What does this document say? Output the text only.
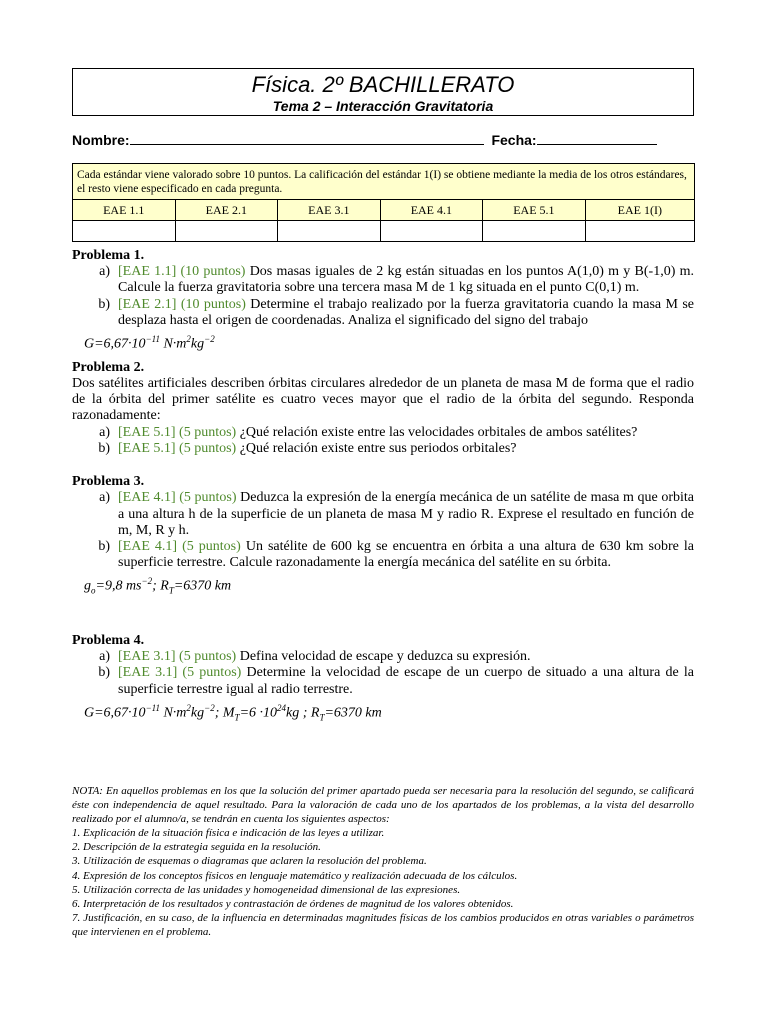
Física. 2º BACHILLERATO
Tema 2 – Interacción Gravitatoria
Nombre:	Fecha:
Cada estándar viene valorado sobre 10 puntos. La calificación del estándar 1(I) se obtiene mediante la media de los otros estándares, el resto viene especificado en cada pregunta.					
EAE 1.1	EAE 2.1	EAE 3.1	EAE 4.1	EAE 5.1	EAE 1(I)

Problema 1.
a) [EAE 1.1] (10 puntos) Dos masas iguales de 2 kg están situadas en los puntos A(1,0) m y B(-1,0) m. Calcule la fuerza gravitatoria sobre una tercera masa M de 1 kg situada en el punto C(0,1) m.
b) [EAE 2.1] (10 puntos) Determine el trabajo realizado por la fuerza gravitatoria cuando la masa M se desplaza hasta el origen de coordenadas. Analiza el significado del signo del trabajo
$G=6,67\cdot 10^{-11}$ $N\cdot m^2kg^{-2}$
Problema 2.
Dos satélites artificiales describen órbitas circulares alrededor de un planeta de masa M de forma que el radio de la órbita del primer satélite es cuatro veces mayor que el radio de la órbita del segundo. Responda razonadamente:
a) [EAE 5.1] (5 puntos) ¿Qué relación existe entre las velocidades orbitales de ambos satélites?
b) [EAE 5.1] (5 puntos) ¿Qué relación existe entre sus periodos orbitales?
Problema 3.
a) [EAE 4.1] (5 puntos) Deduzca la expresión de la energía mecánica de un satélite de masa m que orbita a una altura h de la superficie de un planeta de masa M y radio R. Exprese el resultado en función de m, M, R y h.
b) [EAE 4.1] (5 puntos) Un satélite de 600 kg se encuentra en órbita a una altura de 630 km sobre la superficie terrestre. Calcule razonadamente la energía mecánica del satélite en su órbita.
$g_o=9,8$ $ms^{-2}$; $R_T=6370$ km
Problema 4.
a) [EAE 3.1] (5 puntos) Defina velocidad de escape y deduzca su expresión.
b) [EAE 3.1] (5 puntos) Determine la velocidad de escape de un cuerpo de situado a una altura de la superficie terrestre igual al radio terrestre.
$G=6,67\cdot 10^{-11}$ $N\cdot m^2kg^{-2}$; $M_T=6 \cdot 10^{24}kg$ ; $R_T=6370$ km
NOTA: En aquellos problemas en los que la solución del primer apartado pueda ser necesaria para la resolución del segundo, se calificará éste con independencia de aquel resultado. Para la valoración de cada uno de los apartados de los problemas, a la vista del desarrollo realizado por el alumno/a, se tendrán en cuenta los siguientes aspectos:
1. Explicación de la situación física e indicación de las leyes a utilizar.
2. Descripción de la estrategia seguida en la resolución.
3. Utilización de esquemas o diagramas que aclaren la resolución del problema.
4. Expresión de los conceptos físicos en lenguaje matemático y realización adecuada de los cálculos.
5. Utilización correcta de las unidades y homogeneidad dimensional de las expresiones.
6. Interpretación de los resultados y contrastación de órdenes de magnitud de los valores obtenidos.
7. Justificación, en su caso, de la influencia en determinadas magnitudes físicas de los cambios producidos en otras variables o parámetros que intervienen en el problema.
